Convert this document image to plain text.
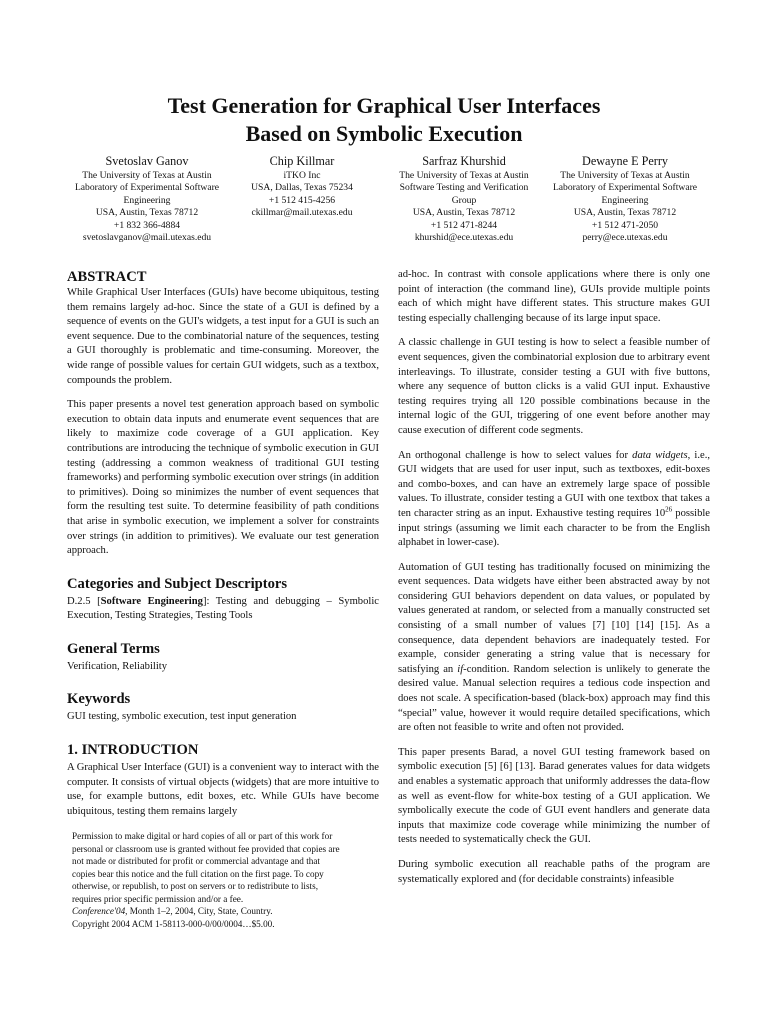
Test Generation for Graphical User Interfaces
Based on Symbolic Execution
Svetoslav Ganov
The University of Texas at Austin
Laboratory of Experimental Software
Engineering
USA, Austin, Texas 78712
+1 832 366-4884
svetoslavganov@mail.utexas.edu
Chip Killmar
iTKO Inc
USA, Dallas, Texas 75234
+1 512 415-4256
ckillmar@mail.utexas.edu
Sarfraz Khurshid
The University of Texas at Austin
Software Testing and Verification
Group
USA, Austin, Texas 78712
+1 512 471-8244
khurshid@ece.utexas.edu
Dewayne E Perry
The University of Texas at Austin
Laboratory of Experimental Software
Engineering
USA, Austin, Texas 78712
+1 512 471-2050
perry@ece.utexas.edu
ABSTRACT

While Graphical User Interfaces (GUIs) have become ubiquitous, testing them remains largely ad-hoc. Since the state of a GUI is defined by a sequence of events on the GUI's widgets, a test input for a GUI is such an event sequence. Due to the combinatorial nature of the sequences, testing a GUI thoroughly is problematic and time-consuming. Moreover, the wide range of possible values for certain GUI widgets, such as a textbox, compounds the problem.

This paper presents a novel test generation approach based on symbolic execution to obtain data inputs and enumerate event sequences that are likely to maximize code coverage of a GUI application. Key contributions are introducing the technique of symbolic execution in GUI testing (addressing a common weakness of traditional GUI testing frameworks) and performing symbolic execution over strings (in addition to primitives). Doing so minimizes the number of event sequences that form the resulting test suite. To determine feasibility of path conditions that arise in symbolic execution, we implement a solver for constraints over strings (in addition to primitives). We evaluate our test generation approach.

Categories and Subject Descriptors

D.2.5 [Software Engineering]: Testing and debugging – Symbolic Execution, Testing Strategies, Testing Tools

General Terms

Verification, Reliability

Keywords

GUI testing, symbolic execution, test input generation

1. INTRODUCTION

A Graphical User Interface (GUI) is a convenient way to interact with the computer. It consists of virtual objects (widgets) that are more intuitive to use, for example buttons, edit boxes, etc. While GUIs have become ubiquitous, testing them remains largely

Permission to make digital or hard copies of all or part of this work for
personal or classroom use is granted without fee provided that copies are
not made or distributed for profit or commercial advantage and that
copies bear this notice and the full citation on the first page. To copy
otherwise, or republish, to post on servers or to redistribute to lists,
requires prior specific permission and/or a fee.
Conference'04, Month 1–2, 2004, City, State, Country.
Copyright 2004 ACM 1-58113-000-0/00/0004…$5.00.

ad-hoc. In contrast with console applications where there is only one point of interaction (the command line), GUIs provide multiple points each of which might have different states. This structure makes GUI testing especially challenging because of its large input space.

A classic challenge in GUI testing is how to select a feasible number of event sequences, given the combinatorial explosion due to arbitrary event interleavings. To illustrate, consider testing a GUI with five buttons, where any sequence of button clicks is a valid GUI input. Exhaustive testing requires trying all 120 possible combinations because in the internal logic of the GUI, triggering of one event before another may cause execution of different code segments.

An orthogonal challenge is how to select values for data widgets, i.e., GUI widgets that are used for user input, such as textboxes, edit-boxes and combo-boxes, and can have an extremely large space of possible values. To illustrate, consider testing a GUI with one textbox that takes a ten character string as an input. Exhaustive testing requires $10^{26}$ possible input strings (assuming we limit each character to be from the English alphabet in lower-case).

Automation of GUI testing has traditionally focused on minimizing the event sequences. Data widgets have either been abstracted away by not considering GUI behaviors dependent on data values, or populated by values generated at random, or selected from a manually constructed set consisting of a small number of values [7] [10] [14] [15]. As a consequence, data dependent behaviors are inadequately tested. For example, consider generating a string value that is necessary for satisfying an if-condition. Random selection is unlikely to generate the desired value. Manual selection requires a tedious code inspection and does not scale. A specification-based (black-box) approach may find this “special” value, however it would require detailed specifications, which are often not feasible to write and often not provided.

This paper presents Barad, a novel GUI testing framework based on symbolic execution [5] [6] [13]. Barad generates values for data widgets and enables a systematic approach that uniformly addresses the data-flow as well as event-flow for white-box testing of a GUI application. We symbolically execute the code of GUI event handlers and generate data inputs that maximize code coverage while minimizing the number of tests needed to systematically check the GUI.

During symbolic execution all reachable paths of the program are systematically explored and (for decidable constraints) infeasible
